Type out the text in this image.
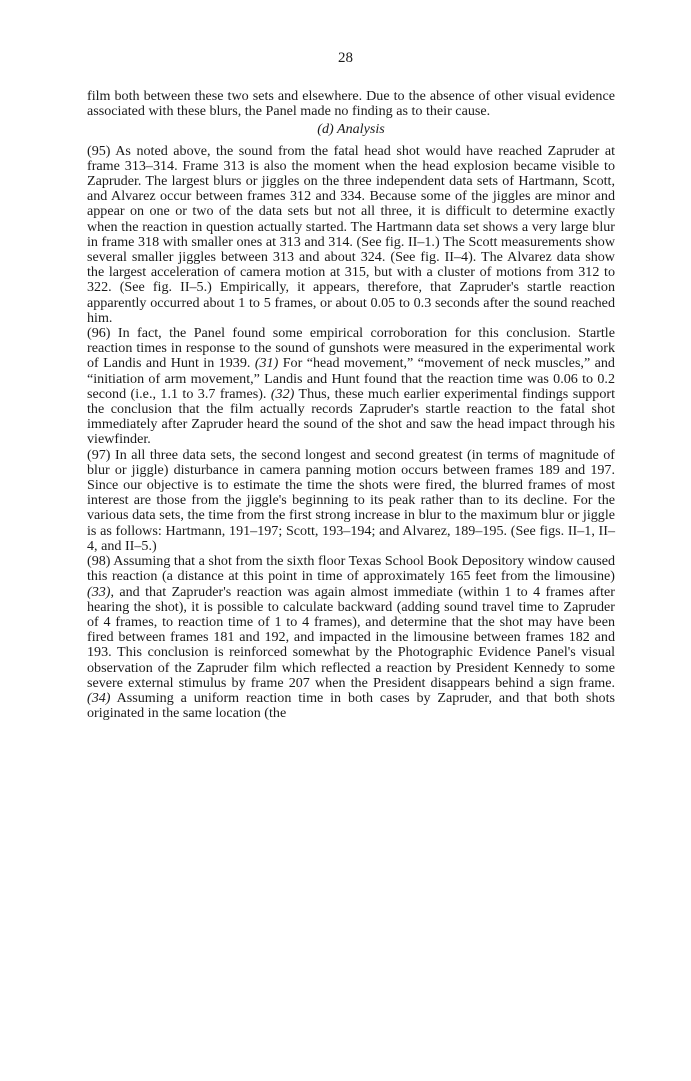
28

film both between these two sets and elsewhere. Due to the absence of other visual evidence associated with these blurs, the Panel made no finding as to their cause.

(d) Analysis

(95) As noted above, the sound from the fatal head shot would have reached Zapruder at frame 313–314. Frame 313 is also the moment when the head explosion became visible to Zapruder. The largest blurs or jiggles on the three independent data sets of Hartmann, Scott, and Alvarez occur between frames 312 and 334. Because some of the jiggles are minor and appear on one or two of the data sets but not all three, it is difficult to determine exactly when the reaction in question actually started. The Hartmann data set shows a very large blur in frame 318 with smaller ones at 313 and 314. (See fig. II–1.) The Scott measurements show several smaller jiggles between 313 and about 324. (See fig. II–4). The Alvarez data show the largest acceleration of camera motion at 315, but with a cluster of motions from 312 to 322. (See fig. II–5.) Empirically, it appears, therefore, that Zapruder's startle reaction apparently occurred about 1 to 5 frames, or about 0.05 to 0.3 seconds after the sound reached him.

(96) In fact, the Panel found some empirical corroboration for this conclusion. Startle reaction times in response to the sound of gunshots were measured in the experimental work of Landis and Hunt in 1939. (31) For “head movement,” “movement of neck muscles,” and “initiation of arm movement,” Landis and Hunt found that the reaction time was 0.06 to 0.2 second (i.e., 1.1 to 3.7 frames). (32) Thus, these much earlier experimental findings support the conclusion that the film actually records Zapruder's startle reaction to the fatal shot immediately after Zapruder heard the sound of the shot and saw the head impact through his viewfinder.

(97) In all three data sets, the second longest and second greatest (in terms of magnitude of blur or jiggle) disturbance in camera panning motion occurs between frames 189 and 197. Since our objective is to estimate the time the shots were fired, the blurred frames of most interest are those from the jiggle's beginning to its peak rather than to its decline. For the various data sets, the time from the first strong increase in blur to the maximum blur or jiggle is as follows: Hartmann, 191–197; Scott, 193–194; and Alvarez, 189–195. (See figs. II–1, II–4, and II–5.)

(98) Assuming that a shot from the sixth floor Texas School Book Depository window caused this reaction (a distance at this point in time of approximately 165 feet from the limousine) (33), and that Zapruder's reaction was again almost immediate (within 1 to 4 frames after hearing the shot), it is possible to calculate backward (adding sound travel time to Zapruder of 4 frames, to reaction time of 1 to 4 frames), and determine that the shot may have been fired between frames 181 and 192, and impacted in the limousine between frames 182 and 193. This conclusion is reinforced somewhat by the Photographic Evidence Panel's visual observation of the Zapruder film which reflected a reaction by President Kennedy to some severe external stimulus by frame 207 when the President disappears behind a sign frame. (34) Assuming a uniform reaction time in both cases by Zapruder, and that both shots originated in the same location (the
